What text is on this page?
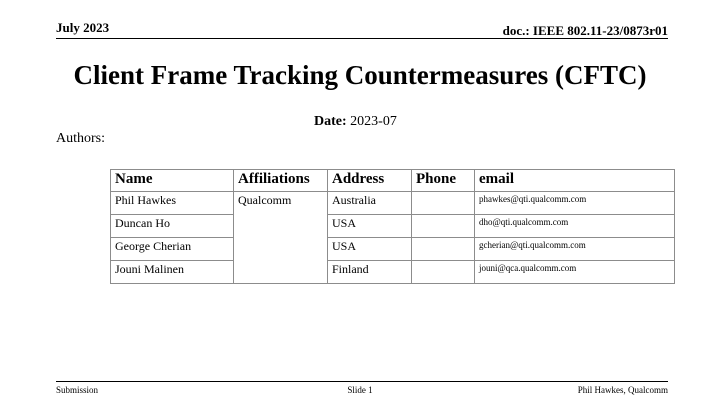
July 2023	doc.: IEEE 802.11-23/0873r01
Client Frame Tracking Countermeasures (CFTC)
Date: 2023-07
Authors:
Name	Affiliations	Address	Phone	email
Phil Hawkes	Qualcomm	Australia		phawkes@qti.qualcomm.com
Duncan Ho		USA		dho@qti.qualcomm.com
George Cherian		USA		gcherian@qti.qualcomm.com
Jouni Malinen		Finland		jouni@qca.qualcomm.com
Submission	Slide 1	Phil Hawkes, Qualcomm
